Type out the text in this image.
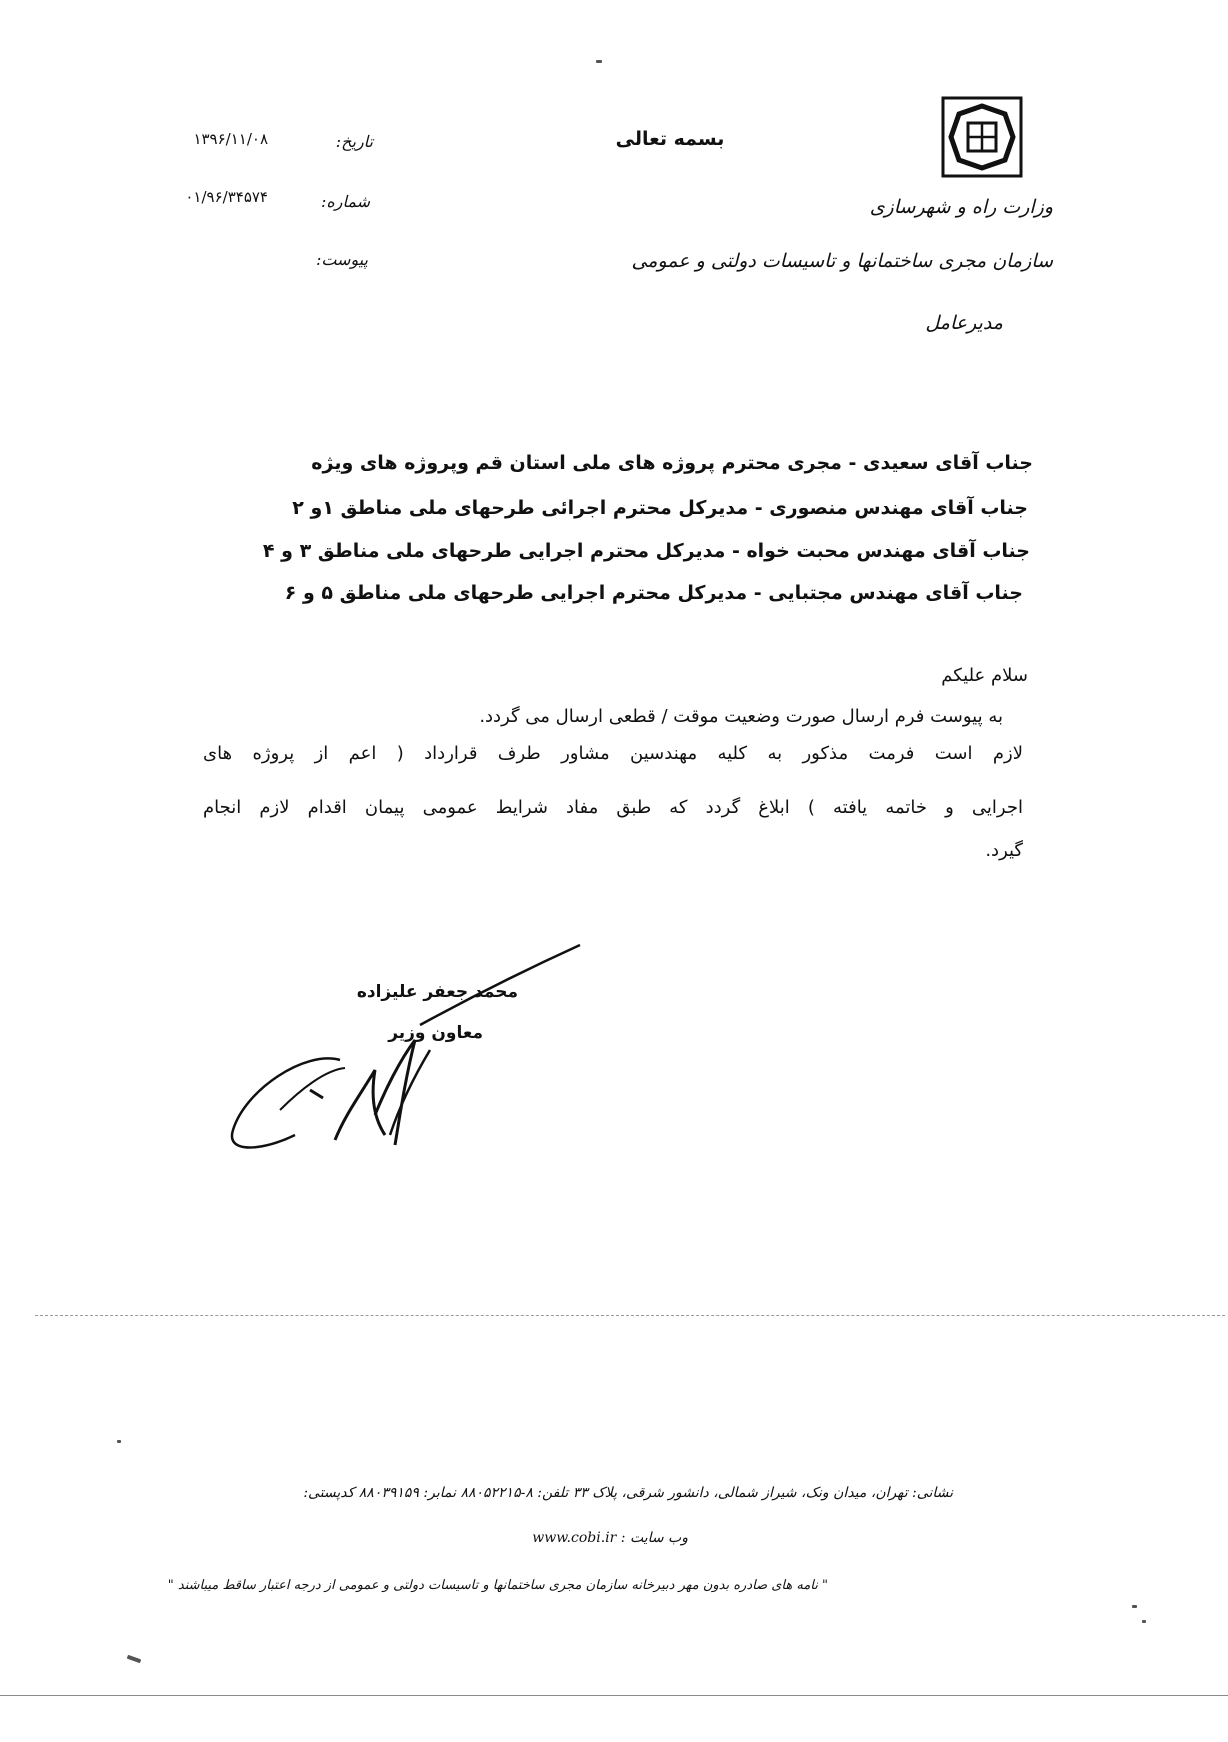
وزارت راه و شهرسازی
سازمان مجری ساختمانها و تاسیسات دولتی و عمومی
مدیرعامل
بسمه تعالی
تاریخ:
۱۳۹۶/۱۱/۰۸
شماره:
۰۱/۹۶/۳۴۵۷۴
پیوست:
جناب آقای سعیدی - مجری محترم پروژه های ملی استان قم وپروژه های ویژه
جناب آقای مهندس منصوری - مدیرکل محترم اجرائی طرحهای ملی مناطق ۱و ۲
جناب آقای مهندس محبت خواه - مدیرکل محترم اجرایی طرحهای ملی مناطق ۳ و ۴
جناب آقای مهندس مجتبایی - مدیرکل محترم اجرایی طرحهای ملی مناطق ۵ و ۶
سلام علیکم
به پیوست فرم ارسال صورت وضعیت موقت / قطعی ارسال می گردد.
لازم است فرمت مذکور به کلیه مهندسین مشاور طرف قرارداد ( اعم از پروژه های
اجرایی و خاتمه یافته ) ابلاغ گردد که طبق مفاد شرایط عمومی پیمان اقدام لازم انجام
گیرد.
محمد جعفر علیزاده
معاون وزیر
نشانی: تهران، میدان ونک، شیراز شمالی، دانشور شرقی، پلاک ۳۳ تلفن: ۸-۸۸۰۵۲۲۱۵ نمابر: ۸۸۰۳۹۱۵۹ کدپستی:
وب سایت : www.cobi.ir
" نامه های صادره بدون مهر دبیرخانه سازمان مجری ساختمانها و تاسیسات دولتی و عمومی از درجه اعتبار ساقط میباشند "
